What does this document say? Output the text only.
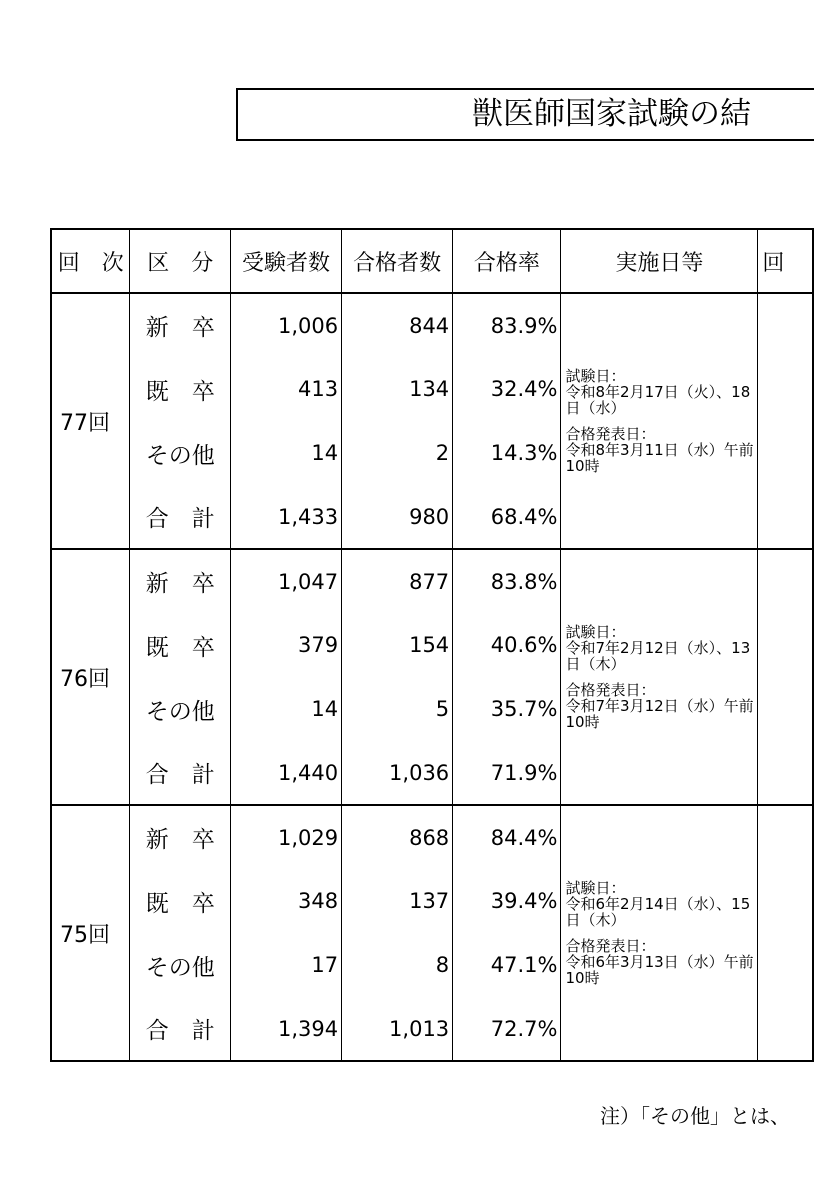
獣医師国家試験の結
回　次	区　分	受験者数	合格者数	合格率	実施日等	回
77回	新　卒	1,006	844	83.9%	試験日：
令和8年2月17日（火）、18日（水）
合格発表日：
令和8年3月11日（水）午前10時	

	既　卒	413	134	32.4%		
	その他	14	2	14.3%		
	合　計	1,433	980	68.4%		
76回	新　卒	1,047	877	83.8%	試験日：
令和7年2月12日（水）、13日（木）
合格発表日：
令和7年3月12日（水）午前10時	

	既　卒	379	154	40.6%		
	その他	14	5	35.7%		
	合　計	1,440	1,036	71.9%		
75回	新　卒	1,029	868	84.4%	試験日：
令和6年2月14日（水）、15日（木）
合格発表日：
令和6年3月13日（水）午前10時	

	既　卒	348	137	39.4%		
	その他	17	8	47.1%		
	合　計	1,394	1,013	72.7%		
注）「その他」とは、
